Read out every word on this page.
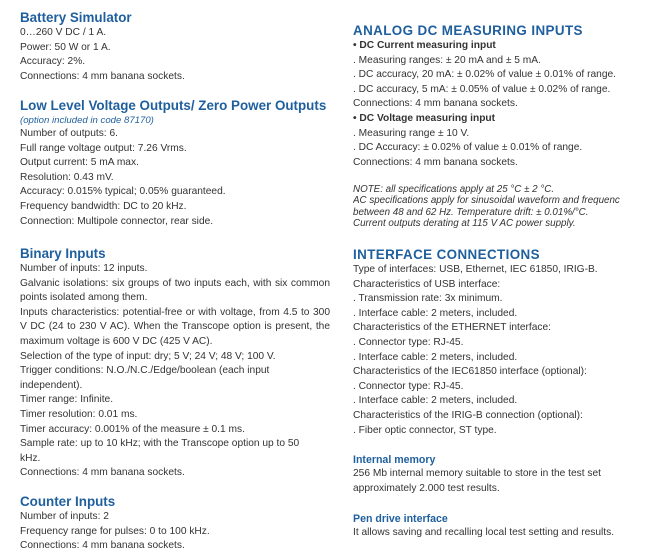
Battery Simulator

0…260 V DC / 1 A.

Power: 50 W or 1 A.

Accuracy: 2%.

Connections: 4 mm banana sockets.

Low Level Voltage Outputs/ Zero Power Outputs

(option included in code 87170)

Number of outputs: 6.

Full range voltage output: 7.26 Vrms.

Output current: 5 mA max.

Resolution: 0.43 mV.

Accuracy: 0.015% typical; 0.05% guaranteed.

Frequency bandwidth: DC to 20 kHz.

Connection: Multipole connector, rear side.

Binary Inputs

Number of inputs: 12 inputs.

Galvanic isolations: six groups of two inputs each, with six common points isolated among them.

Inputs characteristics: potential-free or with voltage, from 4.5 to 300 V DC (24 to 230 V AC). When the Transcope option is present, the maximum voltage is 600 V DC (425 V AC).

Selection of the type of input: dry; 5 V; 24 V; 48 V; 100 V.

Trigger conditions: N.O./N.C./Edge/boolean (each input

independent).

Timer range: Infinite.

Timer resolution: 0.01 ms.

Timer accuracy: 0.001% of the measure ± 0.1 ms.

Sample rate: up to 10 kHz; with the Transcope option up to 50

kHz.

Connections: 4 mm banana sockets.

Counter Inputs

Number of inputs: 2

Frequency range for pulses: 0 to 100 kHz.

Connections: 4 mm banana sockets.

ANALOG DC MEASURING INPUTS

• DC Current measuring input

. Measuring ranges: ± 20 mA and ± 5 mA.

. DC accuracy, 20 mA: ± 0.02% of value ± 0.01% of range.

. DC accuracy, 5 mA: ± 0.05% of value ± 0.02% of range.

Connections: 4 mm banana sockets.

• DC Voltage measuring input

. Measuring range ± 10 V.

. DC Accuracy: ± 0.02% of value ± 0.01% of range.

Connections: 4 mm banana sockets.

NOTE: all specifications apply at 25 °C ± 2 °C.

AC specifications apply for sinusoidal waveform and frequenc

between 48 and 62 Hz. Temperature drift: ± 0.01%/°C.

Current outputs derating at 115 V AC power supply.

INTERFACE CONNECTIONS

Type of interfaces: USB, Ethernet, IEC 61850, IRIG-B.

Characteristics of USB interface:

. Transmission rate: 3x minimum.

. Interface cable: 2 meters, included.

Characteristics of the ETHERNET interface:

. Connector type: RJ-45.

. Interface cable: 2 meters, included.

Characteristics of the IEC61850 interface (optional):

. Connector type: RJ-45.

. Interface cable: 2 meters, included.

Characteristics of the IRIG-B connection (optional):

. Fiber optic connector, ST type.

Internal memory

256 Mb internal memory suitable to store in the test set

approximately 2.000 test results.

Pen drive interface

It allows saving and recalling local test setting and results.
